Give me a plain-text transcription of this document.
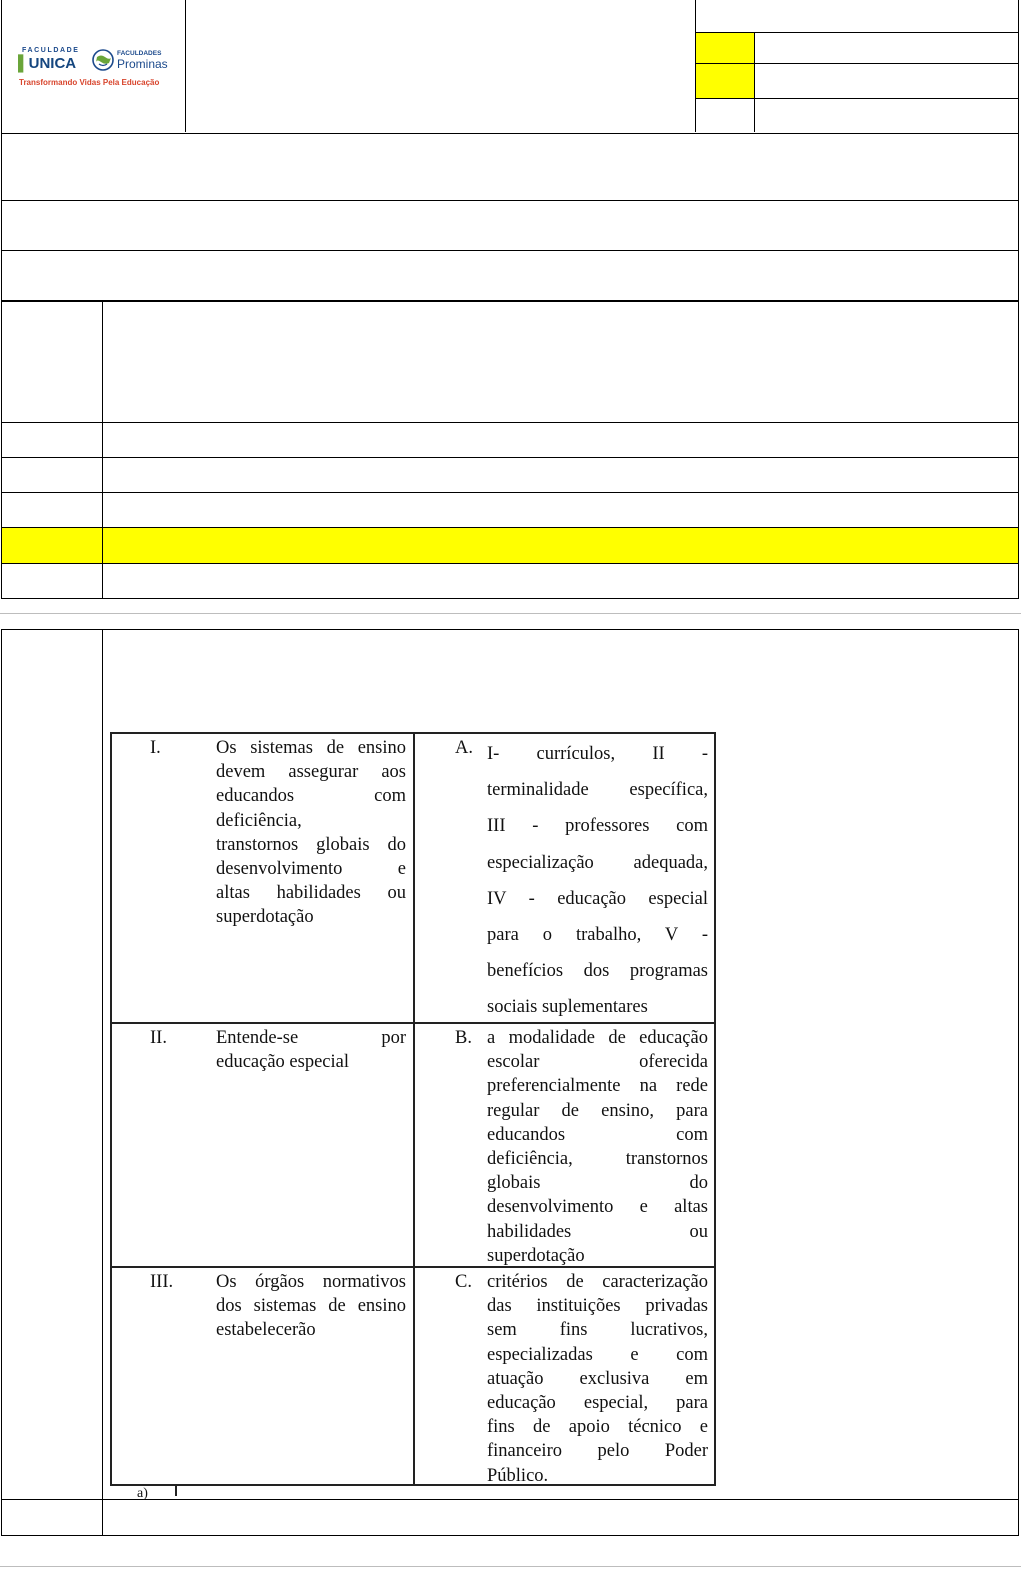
FACULDADE
▌UNICA
FACULDADES
Prominas
Transformando Vidas Pela Educação
I.	Os sistemas de ensino
devem assegurar aos
educandos com
deficiência,
transtornos globais do
desenvolvimento e
altas habilidades ou
superdotação
A. I- currículos, II -
terminalidade específica,
III - professores com
especialização adequada,
IV - educação especial
para o trabalho, V -
benefícios dos programas
sociais suplementares
II.	Entende-se por
educação especial
B. a modalidade de educação
escolar oferecida
preferencialmente na rede
regular de ensino, para
educandos com
deficiência, transtornos
globais do
desenvolvimento e altas
habilidades ou
superdotação
III. Os órgãos normativos
dos sistemas de ensino
estabelecerão
C. critérios de caracterização
das instituições privadas
sem fins lucrativos,
especializadas e com
atuação exclusiva em
educação especial, para
fins de apoio técnico e
financeiro pelo Poder
Público.
a)
